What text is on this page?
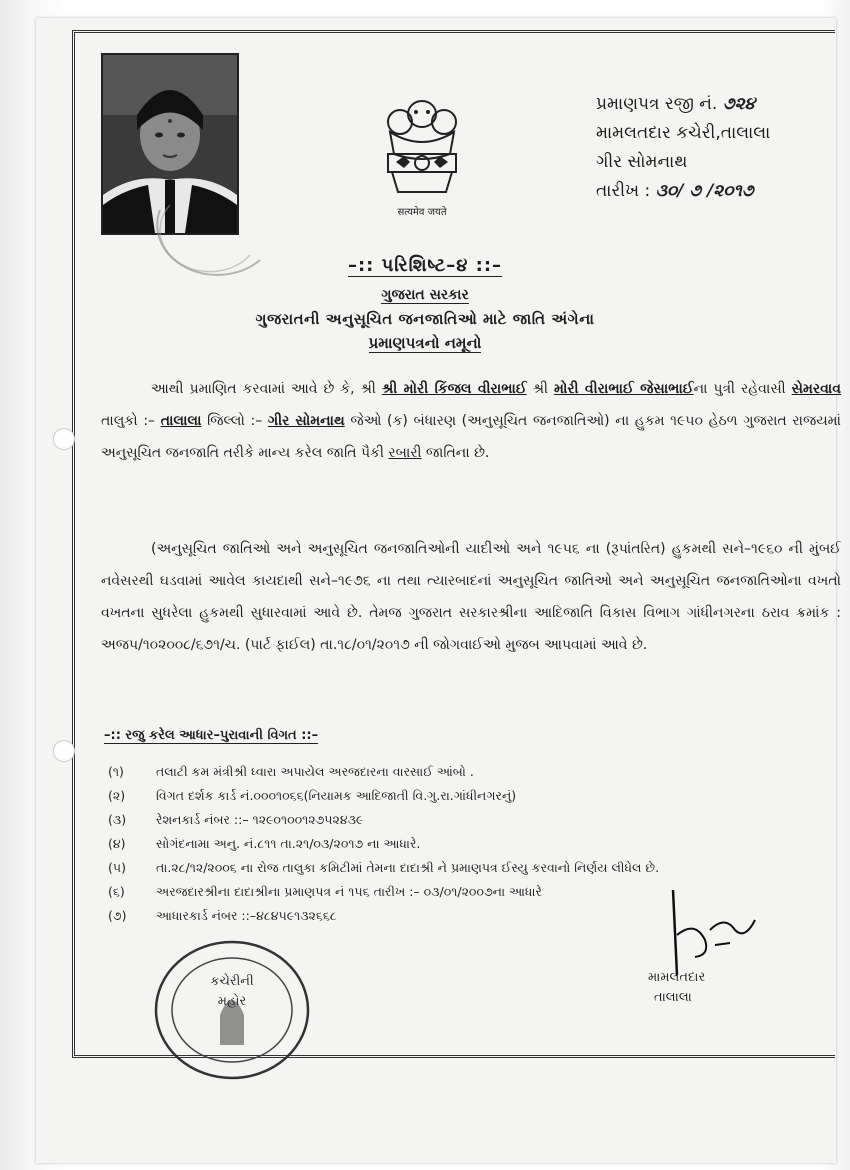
सत्यमेव जयते
પ્રમાણપત્ર રજી નં. ૭૨૪
મામલતદાર કચેરી,તાલાલા
ગીર સોમનાથ
તારીખ : ૩૦/ ૭ /૨૦૧૭
–:: પરિશિષ્ટ–૪ ::–
ગુજરાત સરકાર
ગુજરાતની અનુસૂચિત જનજાતિઓ માટે જાતિ અંગેના
પ્રમાણપત્રનો નમૂનો
આથી પ્રમાણિત કરવામાં આવે છે કે, શ્રી શ્રી મોરી કિંજલ વીરાભાઈ શ્રી મોરી વીરાભાઈ જેસાભાઈના પુત્રી રહેવાસી સેમરવાવ તાલુકો :– તાલાલા જિલ્લો :– ગીર સોમનાથ જેઓ (ક) બંધારણ (અનુસૂચિત જનજાતિઓ) ના હુકમ ૧૯૫૦ હેઠળ ગુજરાત રાજયમાં અનુસૂચિત જનજાતિ તરીકે માન્ય કરેલ જાતિ પૈકી રબારી જાતિના છે.
(અનુસૂચિત જાતિઓ અને અનુસૂચિત જનજાતિઓની યાદીઓ અને ૧૯૫૬ ના (રૂપાંતરિત) હુકમથી સને–૧૯૬૦ ની મુંબઈ નવેસરથી ઘડવામાં આવેલ કાયદાથી સને–૧૯૭૬ ના તથા ત્યારબાદનાં અનુસૂચિત જાતિઓ અને અનુસૂચિત જનજાતિઓના વખતો વખતના સુધરેલા હુકમથી સુધારવામાં આવે છે. તેમજ ગુજરાત સરકારશ્રીના આદિજાતિ વિકાસ વિભાગ ગાંધીનગરના ઠરાવ ક્રમાંક : અજપ/૧૦૨૦૦૮/૬૭૧/ચ. (પાર્ટ ફાઈલ) તા.૧૮/૦૧/૨૦૧૭ ની જોગવાઈઓ મુજબ આપવામાં આવે છે.
–:: રજુ કરેલ આધાર–પુરાવાની વિગત ::–
(૧)	તલાટી કમ મંત્રીશ્રી ધ્વારા અપાયેલ અરજદારના વારસાઈ આંબો .
(૨)	વિગત દર્શક કાર્ડ નં.૦૦૦૧૦૬૬(નિયામક આદિજાતી વિ.ગુ.રા.ગાંધીનગરનું)
(૩)	રેશનકાર્ડ નંબર ::– ૧૨૯૦૧૦૦૧૨૭૫૨૪૩૯
(૪)	સોગંદનામા અનુ. નં.૮૧૧ તા.૨૧/૦૩/૨૦૧૭ ના આધારે.
(૫)	તા.૨૮/૧૨/૨૦૦૬ ના રોજ તાલુકા કમિટીમાં તેમના દાદાશ્રી ને પ્રમાણપત્ર ઈસ્યુ કરવાનો નિર્ણય લીધેલ છે.
(૬)	અરજદારશ્રીના દાદાશ્રીના પ્રમાણપત્ર નં ૧૫૬ તારીખ :– ૦૩/૦૧/૨૦૦૭ના આધારે
(૭)	આધારકાર્ડ નંબર ::–૪૮૪૫૯૧૩૨૬૬૮
કચેરીની
મહોર
મામલતદાર
તાલાલા
